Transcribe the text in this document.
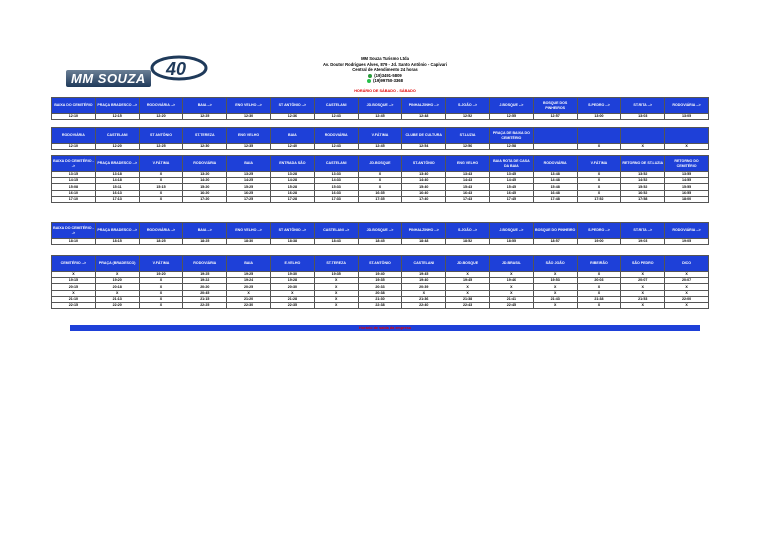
MM SOUZA 40
MM Souza Turismo Ltda
Av. Doutor Rodrigues Alves, 879 - Jd. Santo Antônio - Capivari
Central de Atendimento 24 horas
(19)3491-5809
(19)99750-3368
HORÁRIO DE SÁBADO - SÁBADO
BAIXA DO CEMITÉRIO	PRAÇA BRADESCO -->	RODOVIÁRIA -->	BAIA -->	ENG VELHO -->	ST ANTÔNIO -->	CASTELANI	JD.BOSQUE -->	PINHALZINHO -->	S.JOÃO -->	J.BOSQUE -->	BOSQUE DOS PINHEIROS	S.PEDRO -->	ST.RITA -->	RODOVIÁRIA -->
12:10	12:15	12:20	12:25	12:30	12:36	12:43	12:45	12:48	12:52	12:55	12:57	13:00	13:03	13:05
RODOVIÁRIA	CASTELANI	ST ANTÔNIO	ST.TEREZA	ENG VELHO	BAIA	RODOVIÁRIA	V.FÁTIMA	CLUBE DE CULTURA	ST.LUZIA	PRAÇA DE BAIXA DO CEMITÉRIO				
12:10	12:20	12:25	12:30	12:35	12:40	12:43	12:45	12:54	12:56	12:58		X	X	X
BAIXA DO CEMITÉRIO -->	PRAÇA BRADESCO -->	V.FÁTIMA	RODOVIÁRIA	BAIA	ENTRADA SÃO	CASTELANI	JD.BOSQUE	ST.ANTÔNIO	ENG VELHO	BAIA ROTA DE CASA DA BAIA	RODOVIÁRIA	V.FÁTIMA	RETORNO DE ST.LUZIA	RETORNO DO CEMITÉRIO
13:15	13:18	X	13:20	13:25	13:28	13:33	X	13:40	13:43	13:45	13:48	X	13:52	13:55
14:15	14:18	X	14:20	14:25	14:28	14:33	X	14:40	14:43	14:45	14:48	X	14:52	14:55
15:08	15:11	15:15	15:20	15:25	15:28	15:33	X	15:40	15:43	15:45	15:48	X	15:52	15:55
16:10	16:13	X	16:20	16:25	16:28	16:33	16:35	16:40	16:43	16:45	16:48	X	16:52	16:55
17:10	17:13	X	17:20	17:25	17:28	17:33	17:35	17:40	17:43	17:45	17:48	17:52	17:58	18:00
BAIXA DO CEMITÉRIO -->	PRAÇA BRADESCO -->	RODOVIÁRIA -->	BAIA -->	ENG VELHO -->	ST ANTÔNIO -->	CASTELANI -->	JD.BOSQUE -->	PINHALZINHO -->	S.JOÃO -->	J.BOSQUE -->	BOSQUE DO PINHEIRO	S.PEDRO -->	ST.RITA -->	RODOVIÁRIA -->
18:10	18:15	18:25	18:25	18:30	18:38	18:43	18:45	18:48	18:52	18:55	18:57	19:00	19:03	19:05
CEMITÉRIO -->	PRAÇA (BRADESCO)	V.FÁTIMA	RODOVIÁRIA	BAIA	E.VELHO	ST.TEREZA	ST.ANTÔNIO	CASTELANI	JD.BOSQUE	JD.BRASIL	SÃO JOÃO	RIBEIRÃO	SÃO PEDRO	DICO
X	X	19:20	19:25	19:25	19:30	19:35	19:40	19:45	X	X	X	X	X	X
19:15	19:20	X	19:22	19:24	19:28	X	19:35	19:40	19:45	19:46	19:53	20:03	20:07	20:07
20:15	20:18	X	20:20	20:25	20:30	X	20:33	20:39	X	X	X	X	X	X
X	X	X	20:45	X	X	X	20:38	X	X	X	X	X	X	X
21:10	21:13	X	21:15	21:20	21:28	X	21:30	21:36	21:38	21:41	21:43	21:38	21:53	22:00
22:15	22:20	X	22:25	22:30	22:35	X	22:38	22:40	22:43	22:45	X	X	X	X
Horário de saída da empresa
